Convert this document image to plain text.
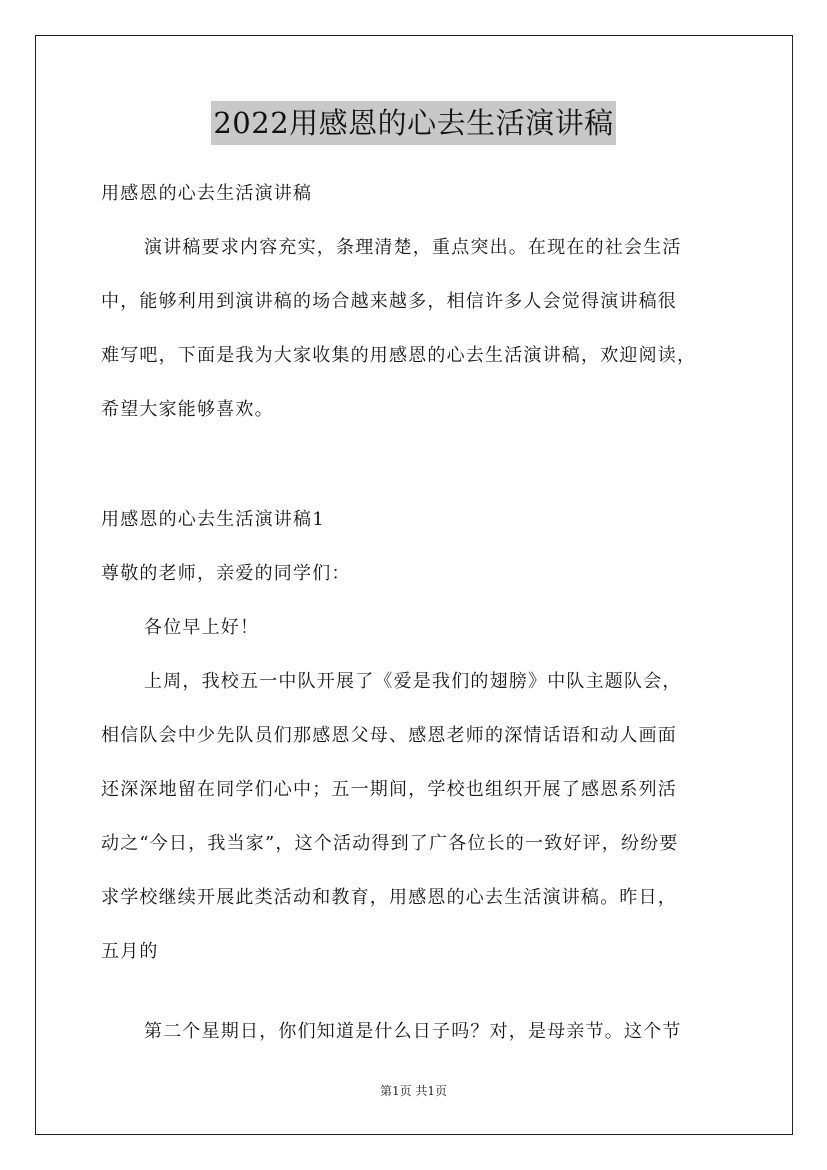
2022用感恩的心去生活演讲稿
用感恩的心去生活演讲稿
演讲稿要求内容充实，条理清楚，重点突出。在现在的社会生活
中，能够利用到演讲稿的场合越来越多，相信许多人会觉得演讲稿很
难写吧，下面是我为大家收集的用感恩的心去生活演讲稿，欢迎阅读，
希望大家能够喜欢。
用感恩的心去生活演讲稿1
尊敬的老师，亲爱的同学们：
各位早上好！
上周，我校五一中队开展了《爱是我们的翅膀》中队主题队会，
相信队会中少先队员们那感恩父母、感恩老师的深情话语和动人画面
还深深地留在同学们心中；五一期间，学校也组织开展了感恩系列活
动之“今日，我当家”，这个活动得到了广各位长的一致好评，纷纷要
求学校继续开展此类活动和教育，用感恩的心去生活演讲稿。昨日，
五月的
第二个星期日，你们知道是什么日子吗？对，是母亲节。这个节
第1页 共1页
